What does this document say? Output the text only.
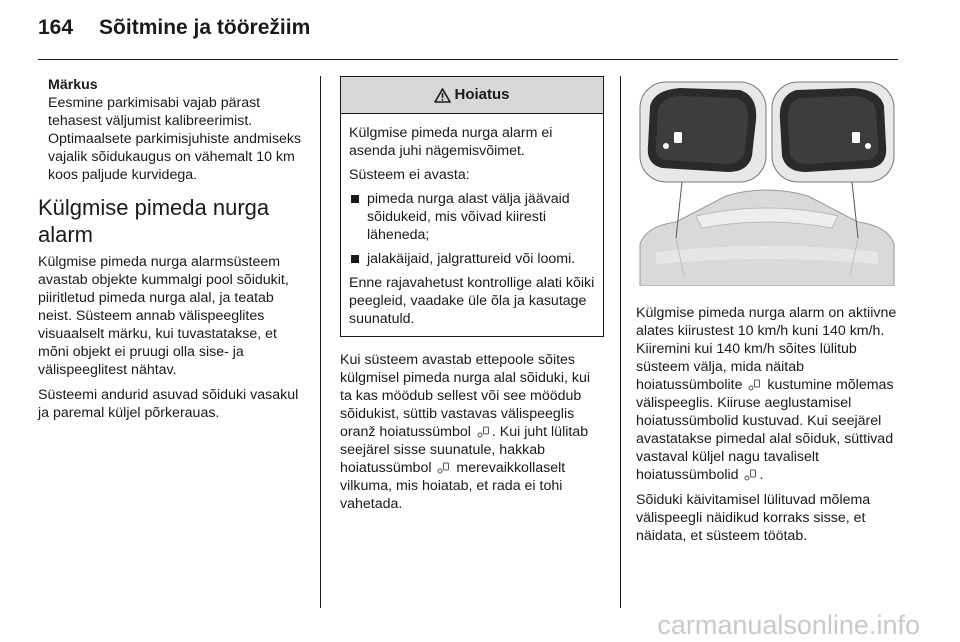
164 Sõitmine ja töörežiim
Märkus
Eesmine parkimisabi vajab pärast tehasest väljumist kalibreerimist. Optimaalsete parkimisjuhiste andmiseks vajalik sõidukaugus on vähemalt 10 km koos paljude kurvidega.
Külgmise pimeda nurga alarm

Külgmise pimeda nurga alarmsüsteem avastab objekte kummalgi pool sõidukit, piiritletud pimeda nurga alal, ja teatab neist. Süsteem annab välispeeglites visuaalselt märku, kui tuvastatakse, et mõni objekt ei pruugi olla sise- ja välispeeglitest nähtav.

Süsteemi andurid asuvad sõiduki vasakul ja paremal küljel põrkerauas.

Hoiatus

Külgmise pimeda nurga alarm ei asenda juhi nägemisvõimet.

Süsteem ei avasta:

pimeda nurga alast välja jäävaid sõidukeid, mis võivad kiiresti läheneda;
jalakäijaid, jalgrattureid või loomi.

Enne rajavahetust kontrollige alati kõiki peegleid, vaadake üle õla ja kasutage suunatuld.

Kui süsteem avastab ettepoole sõites külgmisel pimeda nurga alal sõiduki, kui ta kas möödub sellest või see möödub sõidukist, süttib vastavas välispeeglis oranž hoiatussümbol . Kui juht lülitab seejärel sisse suunatule, hakkab hoiatussümbol merevaikkollaselt vilkuma, mis hoiatab, et rada ei tohi vahetada.

Külgmise pimeda nurga alarm on aktiivne alates kiirustest 10 km/h kuni 140 km/h. Kiiremini kui 140 km/h sõites lülitub süsteem välja, mida näitab hoiatussümbolite kustumine mõlemas välispeeglis. Kiiruse aeglustamisel hoiatussümbolid kustuvad. Kui seejärel avastatakse pimedal alal sõiduk, süttivad vastaval küljel nagu tavaliselt hoiatussümbolid .

Sõiduki käivitamisel lülituvad mõlema välispeegli näidikud korraks sisse, et näidata, et süsteem töötab.

carmanualsonline.info
